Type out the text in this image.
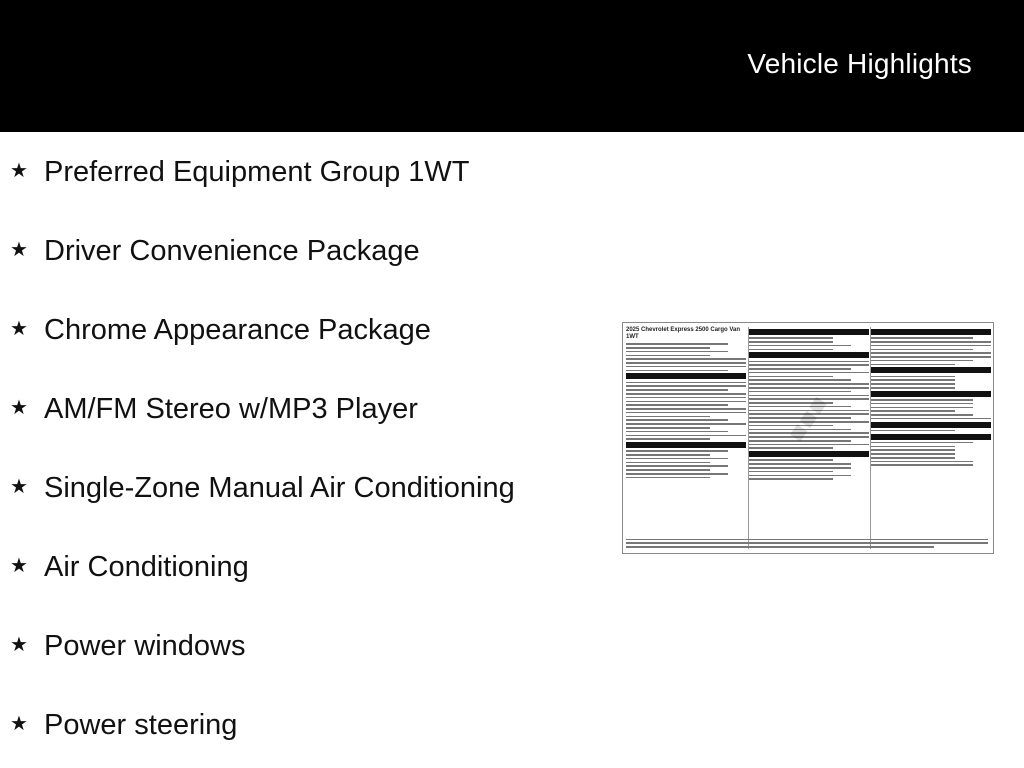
Vehicle Highlights
★ Preferred Equipment Group 1WT
★ Driver Convenience Package
★ Chrome Appearance Package
★ AM/FM Stereo w/MP3 Player
★ Single-Zone Manual Air Conditioning
★ Air Conditioning
★ Power windows
★ Power steering
2025 Chevrolet Express 2500 Cargo Van 1WT
■■■
